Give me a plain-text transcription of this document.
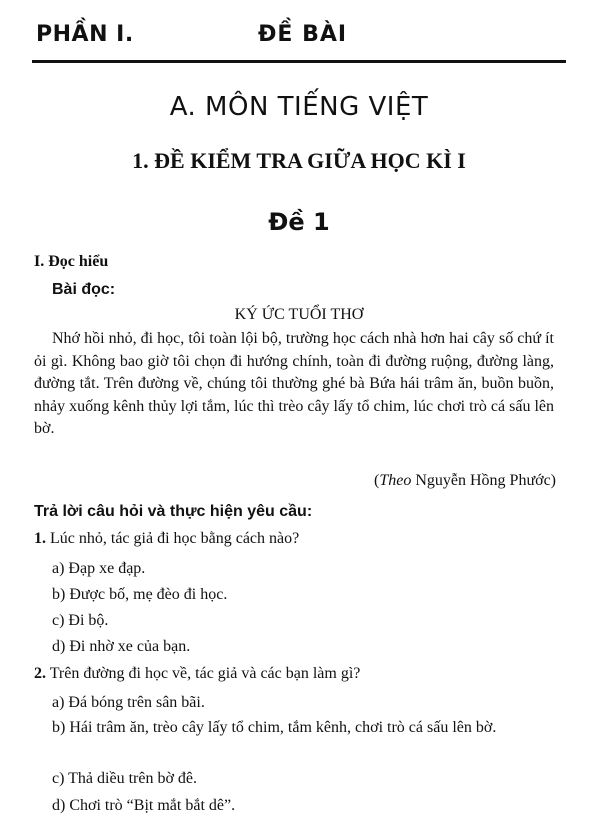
PHẦN I.	ĐỀ BÀI
A. MÔN TIẾNG VIỆT
1. ĐỀ KIỂM TRA GIỮA HỌC KÌ I
Đề 1
I. Đọc hiểu
Bài đọc:
KÝ ỨC TUỔI THƠ
Nhớ hồi nhỏ, đi học, tôi toàn lội bộ, trường học cách nhà hơn hai cây số chứ ít ỏi gì. Không bao giờ tôi chọn đi hướng chính, toàn đi đường ruộng, đường làng, đường tắt. Trên đường về, chúng tôi thường ghé bà Bứa hái trâm ăn, buồn buồn, nhảy xuống kênh thủy lợi tắm, lúc thì trèo cây lấy tổ chim, lúc chơi trò cá sấu lên bờ.
(Theo Nguyễn Hồng Phước)
Trả lời câu hỏi và thực hiện yêu cầu:
1. Lúc nhỏ, tác giả đi học bằng cách nào?
a) Đạp xe đạp.
b) Được bố, mẹ đèo đi học.
c) Đi bộ.
d) Đi nhờ xe của bạn.
2. Trên đường đi học về, tác giả và các bạn làm gì?
a) Đá bóng trên sân bãi.
b) Hái trâm ăn, trèo cây lấy tổ chim, tắm kênh, chơi trò cá sấu lên bờ.
c) Thả diều trên bờ đê.
d) Chơi trò “Bịt mắt bắt dê”.
